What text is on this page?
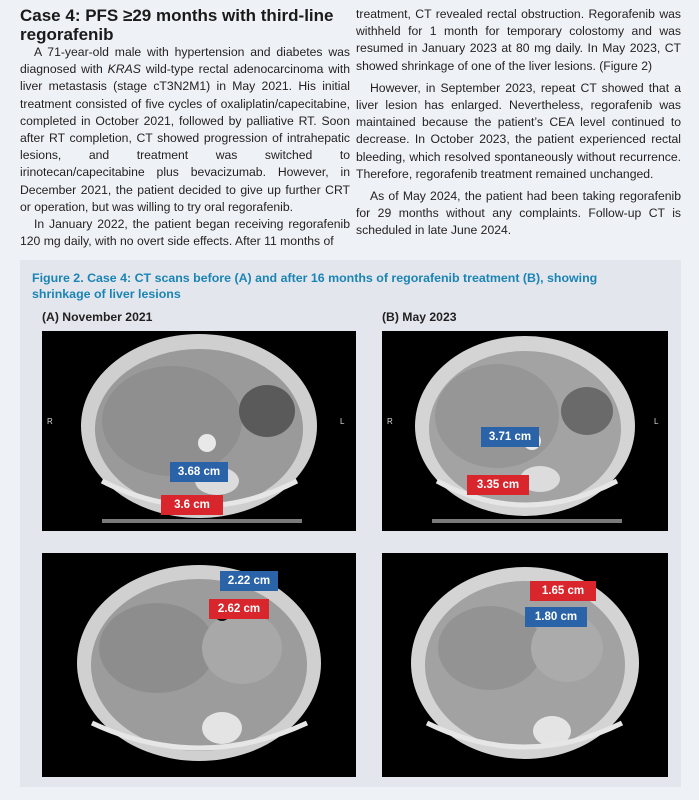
Case 4: PFS ≥29 months with third-line regorafenib

A 71-year-old male with hypertension and diabetes was diagnosed with KRAS wild-type rectal adenocarcinoma with liver metastasis (stage cT3N2M1) in May 2021. His initial treatment consisted of five cycles of oxaliplatin/capecitabine, completed in October 2021, followed by palliative RT. Soon after RT completion, CT showed progression of intrahepatic lesions, and treatment was switched to irinotecan/capecitabine plus bevacizumab. However, in December 2021, the patient decided to give up further CRT or operation, but was willing to try oral regorafenib.

In January 2022, the patient began receiving regorafenib 120 mg daily, with no overt side effects. After 11 months of

treatment, CT revealed rectal obstruction. Regorafenib was withheld for 1 month for temporary colostomy and was resumed in January 2023 at 80 mg daily. In May 2023, CT showed shrinkage of one of the liver lesions. (Figure 2)

However, in September 2023, repeat CT showed that a liver lesion has enlarged. Nevertheless, regorafenib was maintained because the patient’s CEA level continued to decrease. In October 2023, the patient experienced rectal bleeding, which resolved spontaneously without recurrence. Therefore, regorafenib treatment remained unchanged.

As of May 2024, the patient had been taking regorafenib for 29 months without any complaints. Follow-up CT is scheduled in late June 2024.

Figure 2. Case 4: CT scans before (A) and after 16 months of regorafenib treatment (B), showing shrinkage of liver lesions
(A) November 2021	(B) May 2023
R	L
3.68 cm
3.6 cm
R	L
3.71 cm
3.35 cm
2.22 cm
2.62 cm
1.65 cm
1.80 cm
